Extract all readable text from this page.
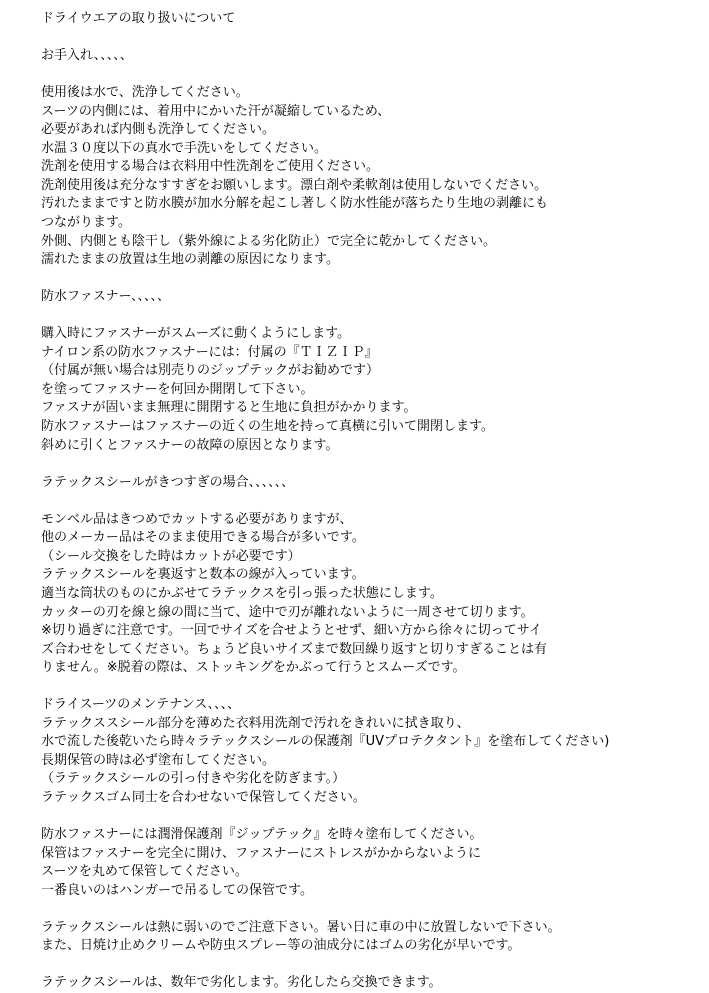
ドライウエアの取り扱いについて
お手入れ、、、、、
使用後は水で、洗浄してください。
スーツの内側には、着用中にかいた汗が凝縮しているため、
必要があれば内側も洗浄してください。
水温３０度以下の真水で手洗いをしてください。
洗剤を使用する場合は衣料用中性洗剤をご使用ください。
洗剤使用後は充分なすすぎをお願いします。漂白剤や柔軟剤は使用しないでください。
汚れたままですと防水膜が加水分解を起こし著しく防水性能が落ちたり生地の剥離にも
つながります。
外側、内側とも陰干し（紫外線による劣化防止）で完全に乾かしてください。
濡れたままの放置は生地の剥離の原因になります。
防水ファスナー、、、、、
購入時にファスナーがスムーズに動くようにします。
ナイロン系の防水ファスナーには：付属の『ＴＩＺＩＰ』
（付属が無い場合は別売りのジップテックがお勧めです）
を塗ってファスナーを何回か開閉して下さい。
ファスナが固いまま無理に開閉すると生地に負担がかかります。
防水ファスナーはファスナーの近くの生地を持って真横に引いて開閉します。
斜めに引くとファスナーの故障の原因となります。
ラテックスシールがきつすぎの場合、、、、、、
モンベル品はきつめでカットする必要がありますが、
他のメーカー品はそのまま使用できる場合が多いです。
（シール交換をした時はカットが必要です）
ラテックスシールを裏返すと数本の線が入っています。
適当な筒状のものにかぶせてラテックスを引っ張った状態にします。
カッターの刃を線と線の間に当て、途中で刃が離れないように一周させて切ります。
※切り過ぎに注意です。一回でサイズを合せようとせず、細い方から徐々に切ってサイ
ズ合わせをしてください。ちょうど良いサイズまで数回繰り返すと切りすぎることは有
りません。※脱着の際は、ストッキングをかぶって行うとスムーズです。
ドライスーツのメンテナンス、、、、
ラテックススシール部分を薄めた衣料用洗剤で汚れをきれいに拭き取り、
水で流した後乾いたら時々ラテックスシールの保護剤『UVプロテクタント』を塗布してください)
長期保管の時は必ず塗布してください。
（ラテックスシールの引っ付きや劣化を防ぎます。）
ラテックスゴム同士を合わせないで保管してください。
防水ファスナーには潤滑保護剤『ジップテック』を時々塗布してください。
保管はファスナーを完全に開け、ファスナーにストレスがかからないように
スーツを丸めて保管してください。
一番良いのはハンガーで吊るしての保管です。
ラテックスシールは熱に弱いのでご注意下さい。暑い日に車の中に放置しないで下さい。
また、日焼け止めクリームや防虫スプレー等の油成分にはゴムの劣化が早いです。
ラテックスシールは、数年で劣化します。劣化したら交換できます。
